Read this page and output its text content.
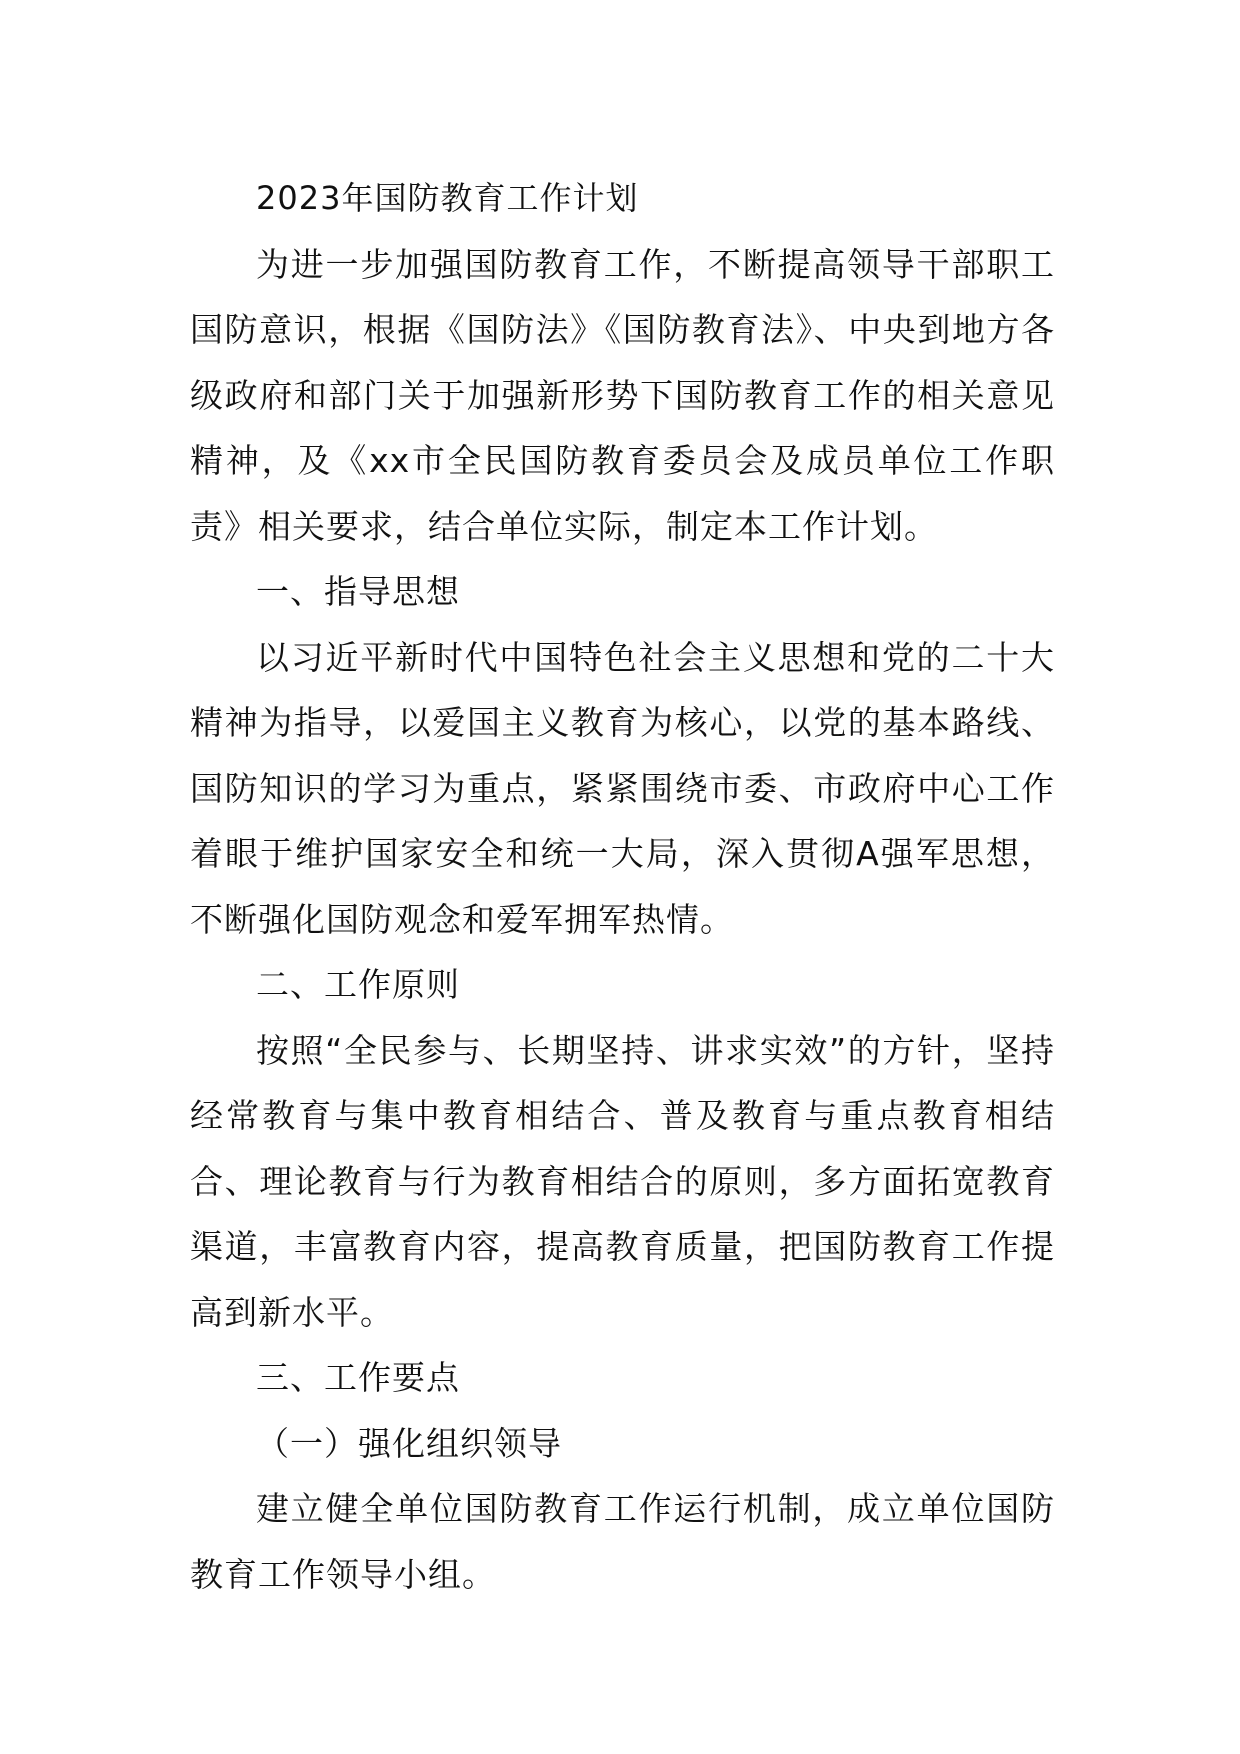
2023年国防教育工作计划

为进一步加强国防教育工作，不断提高领导干部职工国防意识，根据《国防法》《国防教育法》、中央到地方各级政府和部门关于加强新形势下国防教育工作的相关意见精神，及《xx市全民国防教育委员会及成员单位工作职责》相关要求，结合单位实际，制定本工作计划。

一、指导思想

以习近平新时代中国特色社会主义思想和党的二十大精神为指导，以爱国主义教育为核心，以党的基本路线、国防知识的学习为重点，紧紧围绕市委、市政府中心工作着眼于维护国家安全和统一大局，深入贯彻A强军思想，不断强化国防观念和爱军拥军热情。

二、工作原则

按照“全民参与、长期坚持、讲求实效”的方针，坚持经常教育与集中教育相结合、普及教育与重点教育相结合、理论教育与行为教育相结合的原则，多方面拓宽教育渠道，丰富教育内容，提高教育质量，把国防教育工作提高到新水平。

三、工作要点

（一）强化组织领导

建立健全单位国防教育工作运行机制，成立单位国防教育工作领导小组。
